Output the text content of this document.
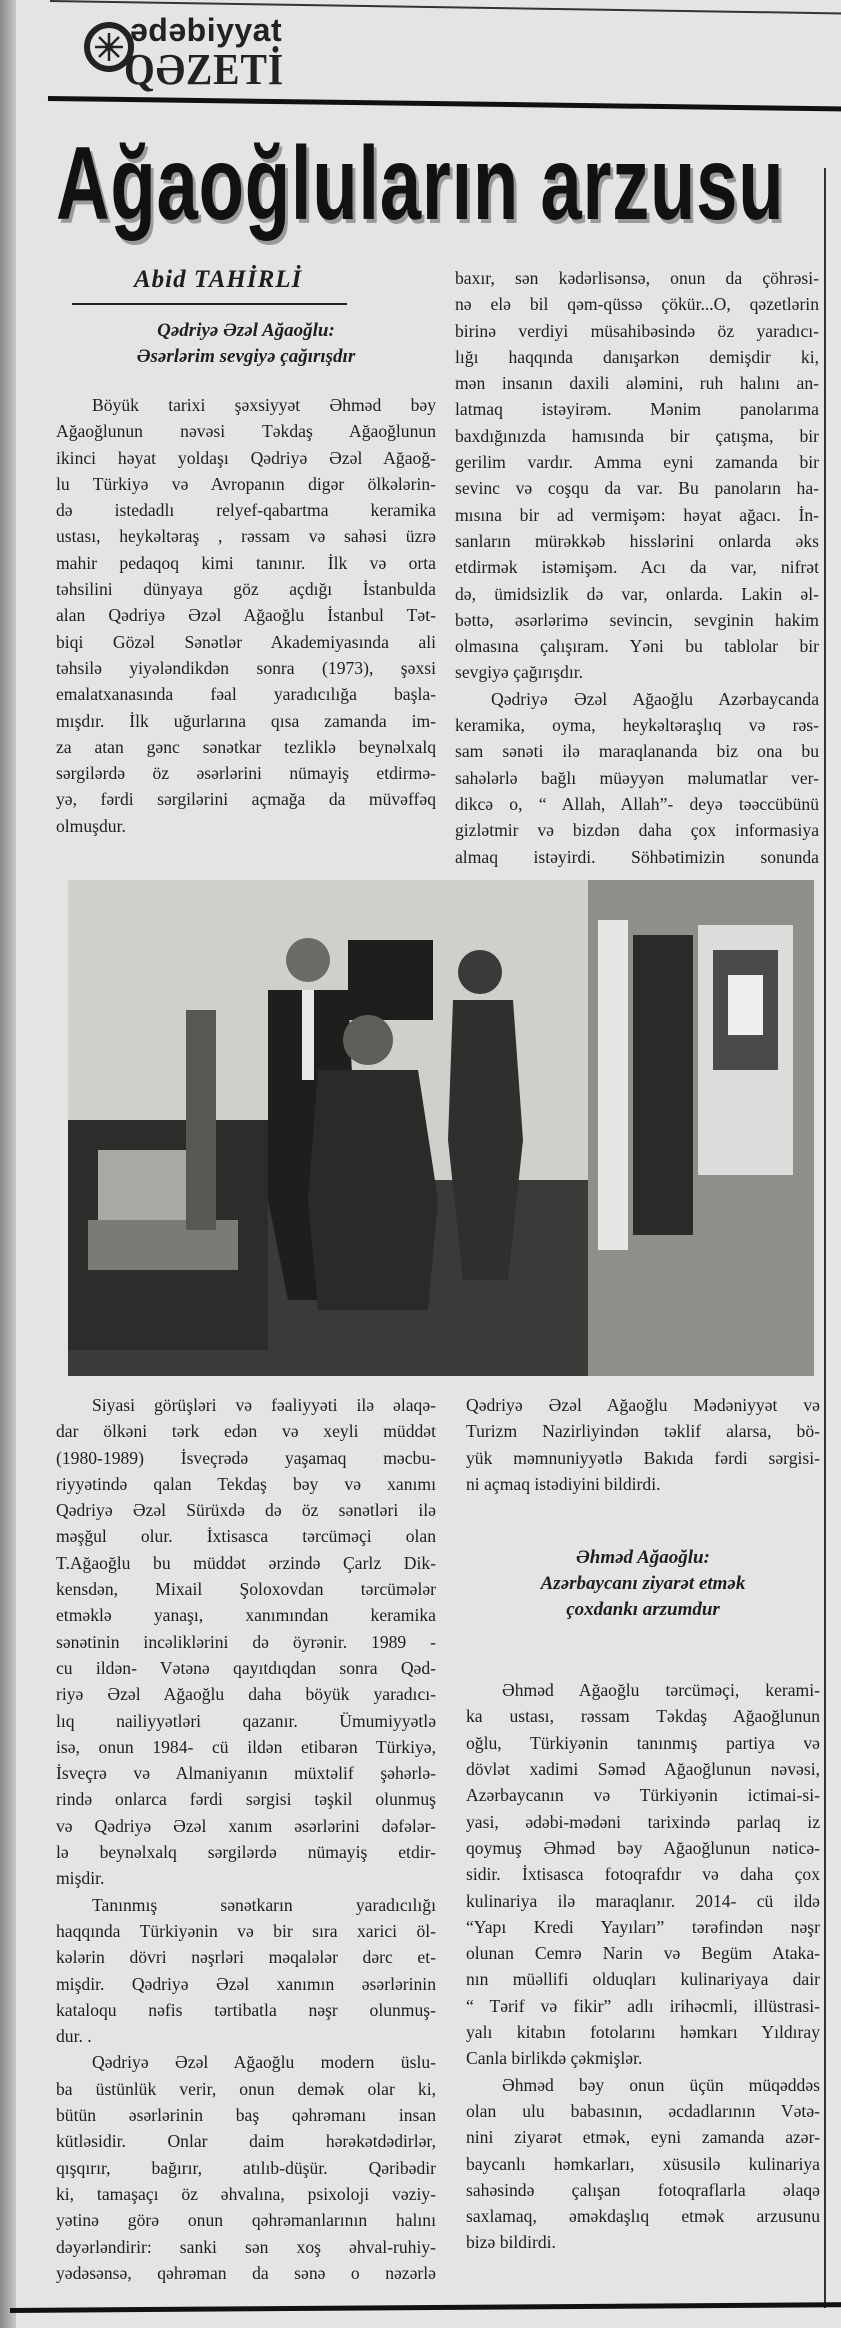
ədəbiyyat
QƏZETİ
Ağaoğluların arzusu
Abid TAHİRLİ
Qədriyə Əzəl Ağaoğlu:
Əsərlərim sevgiyə çağırışdır
Böyük tarixi şəxsiyyət Əhməd bəy
Ağaoğlunun nəvəsi Təkdaş Ağaoğlunun
ikinci həyat yoldaşı Qədriyə Əzəl Ağaoğ-
lu Türkiyə və Avropanın digər ölkələrin-
də istedadlı relyef-qabartma keramika
ustası, heykəltəraş , rəssam və sahəsi üzrə
mahir pedaqoq kimi tanınır. İlk və orta
təhsilini dünyaya göz açdığı İstanbulda
alan Qədriyə Əzəl Ağaoğlu İstanbul Tət-
biqi Gözəl Sənətlər Akademiyasında ali
təhsilə yiyələndikdən sonra (1973), şəxsi
emalatxanasında fəal yaradıcılığa başla-
mışdır. İlk uğurlarına qısa zamanda im-
za atan gənc sənətkar tezliklə beynəlxalq
sərgilərdə öz əsərlərini nümayiş etdirmə-
yə, fərdi sərgilərini açmağa da müvəffəq
olmuşdur.
baxır, sən kədərlisənsə, onun da çöhrəsi-
nə elə bil qəm-qüssə çökür...O, qəzetlərin
birinə verdiyi müsahibəsində öz yaradıcı-
lığı haqqında danışarkən demişdir ki,
mən insanın daxili aləmini, ruh halını an-
latmaq istəyirəm. Mənim panolarıma
baxdığınızda hamısında bir çatışma, bir
gerilim vardır. Amma eyni zamanda bir
sevinc və coşqu da var. Bu panoların ha-
mısına bir ad vermişəm: həyat ağacı. İn-
sanların mürəkkəb hisslərini onlarda əks
etdirmək istəmişəm. Acı da var, nifrət
də, ümidsizlik də var, onlarda. Lakin əl-
bəttə, əsərlərimə sevincin, sevginin hakim
olmasına çalışıram. Yəni bu tablolar bir
sevgiyə çağırışdır.
Qədriyə Əzəl Ağaoğlu Azərbaycanda
keramika, oyma, heykəltəraşlıq və rəs-
sam sənəti ilə maraqlananda biz ona bu
sahələrlə bağlı müəyyən məlumatlar ver-
dikcə o, “ Allah, Allah”- deyə təəccübünü
gizlətmir və bizdən daha çox informasiya
almaq istəyirdi. Söhbətimizin sonunda
Siyasi görüşləri və fəaliyyəti ilə əlaqə-
dar ölkəni tərk edən və xeyli müddət
(1980-1989) İsveçrədə yaşamaq məcbu-
riyyətində qalan Tekdaş bəy və xanımı
Qədriyə Əzəl Sürüxdə də öz sənətləri ilə
məşğul olur. İxtisasca tərcüməçi olan
T.Ağaoğlu bu müddət ərzində Çarlz Dik-
kensdən, Mixail Şoloxovdan tərcümələr
etməklə yanaşı, xanımından keramika
sənətinin incəliklərini də öyrənir. 1989 -
cu ildən- Vətənə qayıtdıqdan sonra Qəd-
riyə Əzəl Ağaoğlu daha böyük yaradıcı-
lıq nailiyyətləri qazanır. Ümumiyyətlə
isə, onun 1984- cü ildən etibarən Türkiyə,
İsveçrə və Almaniyanın müxtəlif şəhərlə-
rində onlarca fərdi sərgisi təşkil olunmuş
və Qədriyə Əzəl xanım əsərlərini dəfələr-
lə beynəlxalq sərgilərdə nümayiş etdir-
mişdir.
Tanınmış sənətkarın yaradıcılığı
haqqında Türkiyənin və bir sıra xarici öl-
kələrin dövri nəşrləri məqalələr dərc et-
mişdir. Qədriyə Əzəl xanımın əsərlərinin
kataloqu nəfis tərtibatla nəşr olunmuş-
dur. .
Qədriyə Əzəl Ağaoğlu modern üslu-
ba üstünlük verir, onun demək olar ki,
bütün əsərlərinin baş qəhrəmanı insan
kütləsidir. Onlar daim hərəkətdədirlər,
qışqırır, bağırır, atılıb-düşür. Qəribədir
ki, tamaşaçı öz əhvalına, psixoloji vəziy-
yətinə görə onun qəhrəmanlarının halını
dəyərləndirir: sanki sən xoş əhval-ruhiy-
yədəsənsə, qəhrəman da sənə o nəzərlə
Qədriyə Əzəl Ağaoğlu Mədəniyyət və
Turizm Nazirliyindən təklif alarsa, bö-
yük məmnuniyyətlə Bakıda fərdi sərgisi-
ni açmaq istədiyini bildirdi.
Əhməd Ağaoğlu:
Azərbaycanı ziyarət etmək
çoxdankı arzumdur
Əhməd Ağaoğlu tərcüməçi, kerami-
ka ustası, rəssam Təkdaş Ağaoğlunun
oğlu, Türkiyənin tanınmış partiya və
dövlət xadimi Səməd Ağaoğlunun nəvəsi,
Azərbaycanın və Türkiyənin ictimai-si-
yasi, ədəbi-mədəni tarixində parlaq iz
qoymuş Əhməd bəy Ağaoğlunun nəticə-
sidir. İxtisasca fotoqrafdır və daha çox
kulinariya ilə maraqlanır. 2014- cü ildə
“Yapı Kredi Yayıları” tərəfindən nəşr
olunan Cemrə Narin və Begüm Ataka-
nın müəllifi olduqları kulinariyaya dair
“ Tərif və fikir” adlı irihəcmli, illüstrasi-
yalı kitabın fotolarını həmkarı Yıldıray
Canla birlikdə çəkmişlər.
Əhməd bəy onun üçün müqəddəs
olan ulu babasının, əcdadlarının Vətə-
nini ziyarət etmək, eyni zamanda azər-
baycanlı həmkarları, xüsusilə kulinariya
sahəsində çalışan fotoqraflarla əlaqə
saxlamaq, əməkdaşlıq etmək arzusunu
bizə bildirdi.
